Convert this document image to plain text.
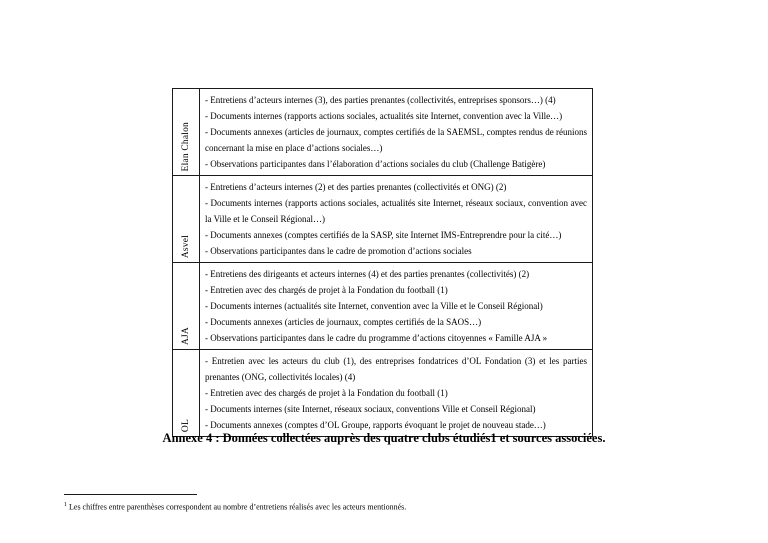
Elan Chalon
- Entretiens d’acteurs internes (3), des parties prenantes (collectivités, entreprises sponsors…) (4)
- Documents internes (rapports actions sociales, actualités site Internet, convention avec la Ville…)
- Documents annexes (articles de journaux, comptes certifiés de la SAEMSL, comptes rendus de réunions concernant la mise en place d’actions sociales…)
- Observations participantes dans l’élaboration d’actions sociales du club (Challenge Batigère)
Asvel
- Entretiens d’acteurs internes (2) et des parties prenantes (collectivités et ONG) (2)
- Documents internes (rapports actions sociales, actualités site Internet, réseaux sociaux, convention avec la Ville et le Conseil Régional…)
- Documents annexes (comptes certifiés de la SASP, site Internet IMS-Entreprendre pour la cité…)
- Observations participantes dans le cadre de promotion d’actions sociales
AJA
- Entretiens des dirigeants et acteurs internes (4) et des parties prenantes (collectivités) (2)
- Entretien avec des chargés de projet à la Fondation du football (1)
- Documents internes (actualités site Internet, convention avec la Ville et le Conseil Régional)
- Documents annexes (articles de journaux, comptes certifiés de la SAOS…)
- Observations participantes dans le cadre du programme d’actions citoyennes « Famille AJA »
OL
- Entretien avec les acteurs du club (1), des entreprises fondatrices d’OL Fondation (3) et les parties prenantes (ONG, collectivités locales) (4)
- Entretien avec des chargés de projet à la Fondation du football (1)
- Documents internes (site Internet, réseaux sociaux, conventions Ville et Conseil Régional)
- Documents annexes (comptes d’OL Groupe, rapports évoquant le projet de nouveau stade…)
Annexe 4 : Données collectées auprès des quatre clubs étudiés1 et sources associées.
$^1$ Les chiffres entre parenthèses correspondent au nombre d’entretiens réalisés avec les acteurs mentionnés.
